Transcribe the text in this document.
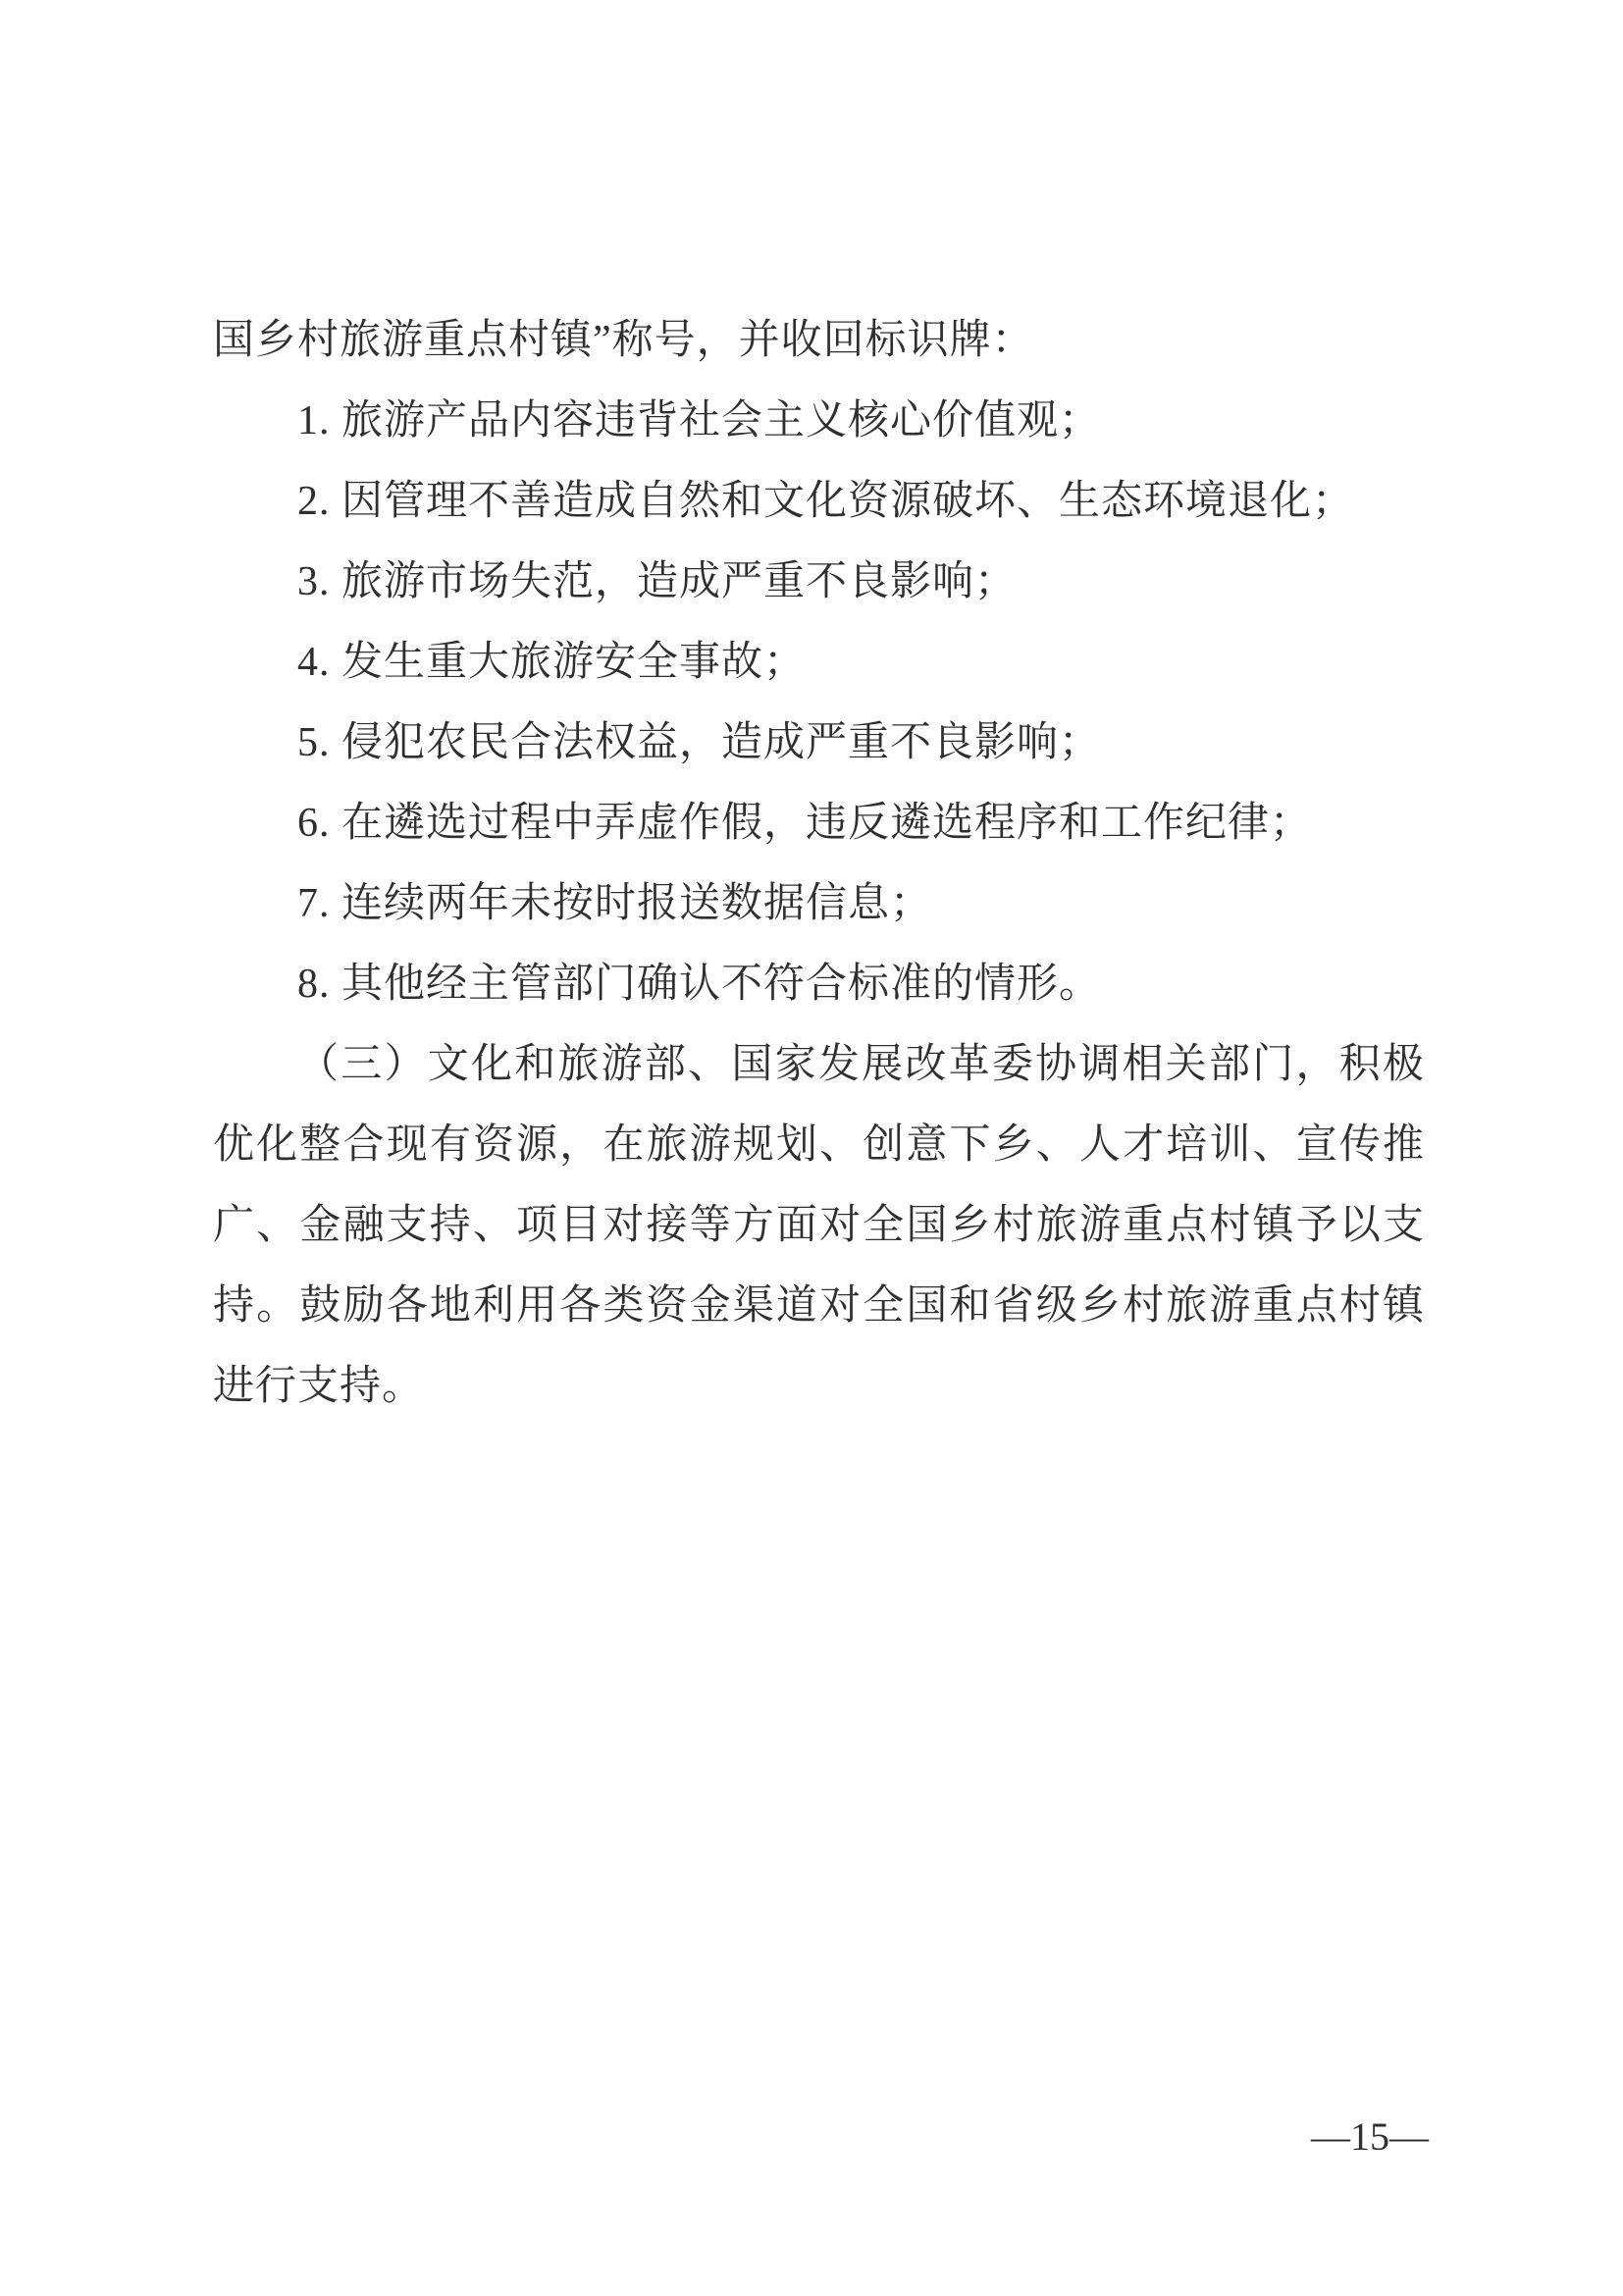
国乡村旅游重点村镇”称号，并收回标识牌：
1. 旅游产品内容违背社会主义核心价值观；
2. 因管理不善造成自然和文化资源破坏、生态环境退化；
3. 旅游市场失范，造成严重不良影响；
4. 发生重大旅游安全事故；
5. 侵犯农民合法权益，造成严重不良影响；
6. 在遴选过程中弄虚作假，违反遴选程序和工作纪律；
7. 连续两年未按时报送数据信息；
8. 其他经主管部门确认不符合标准的情形。
（三）文化和旅游部、国家发展改革委协调相关部门，积极
优化整合现有资源，在旅游规划、创意下乡、人才培训、宣传推
广、金融支持、项目对接等方面对全国乡村旅游重点村镇予以支
持。鼓励各地利用各类资金渠道对全国和省级乡村旅游重点村镇
进行支持。
—15—
